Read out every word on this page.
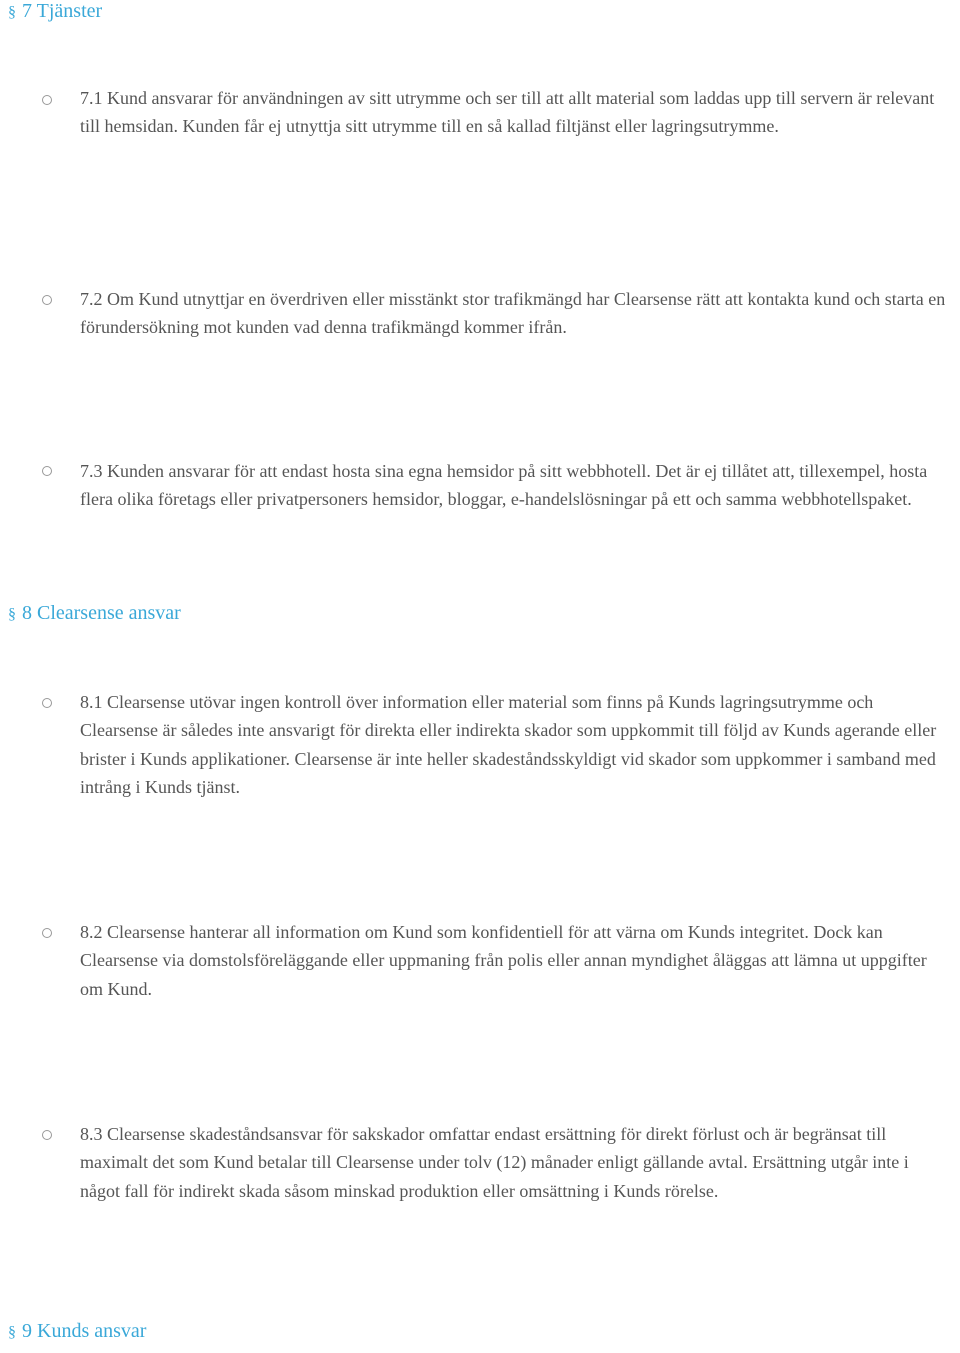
§ 7 Tjänster
7.1 Kund ansvarar för användningen av sitt utrymme och ser till att allt material som laddas upp till servern är relevant till hemsidan. Kunden får ej utnyttja sitt utrymme till en så kallad filtjänst eller lagringsutrymme.
7.2 Om Kund utnyttjar en överdriven eller misstänkt stor trafikmängd har Clearsense rätt att kontakta kund och starta en förundersökning mot kunden vad denna trafikmängd kommer ifrån.
7.3 Kunden ansvarar för att endast hosta sina egna hemsidor på sitt webbhotell. Det är ej tillåtet att, tillexempel, hosta flera olika företags eller privatpersoners hemsidor, bloggar, e-handelslösningar på ett och samma webbhotellspaket.
§ 8 Clearsense ansvar
8.1 Clearsense utövar ingen kontroll över information eller material som finns på Kunds lagringsutrymme och Clearsense är således inte ansvarigt för direkta eller indirekta skador som uppkommit till följd av Kunds agerande eller brister i Kunds applikationer. Clearsense är inte heller skadeståndsskyldigt vid skador som uppkommer i samband med intrång i Kunds tjänst.
8.2 Clearsense hanterar all information om Kund som konfidentiell för att värna om Kunds integritet. Dock kan Clearsense via domstolsföreläggande eller uppmaning från polis eller annan myndighet åläggas att lämna ut uppgifter om Kund.
8.3 Clearsense skadeståndsansvar för sakskador omfattar endast ersättning för direkt förlust och är begränsat till maximalt det som Kund betalar till Clearsense under tolv (12) månader enligt gällande avtal. Ersättning utgår inte i något fall för indirekt skada såsom minskad produktion eller omsättning i Kunds rörelse.
§ 9 Kunds ansvar
